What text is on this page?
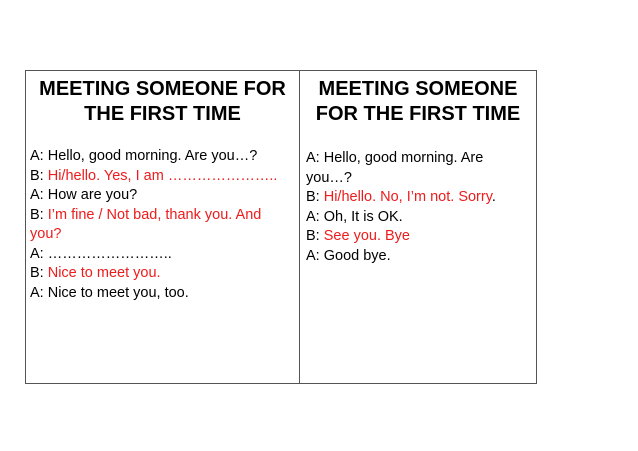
MEETING SOMEONE FOR THE FIRST TIME

A: Hello, good morning. Are you…?
B: Hi/hello. Yes, I am …………………..
A: How are you?
B: I’m fine / Not bad, thank you. And you?
A: ……………………..
B: Nice to meet you.
A: Nice to meet you, too.

MEETING SOMEONE FOR THE FIRST TIME

A: Hello, good morning. Are you…?
B: Hi/hello. No, I’m not. Sorry.
A: Oh, It is OK.
B: See you. Bye
A: Good bye.
